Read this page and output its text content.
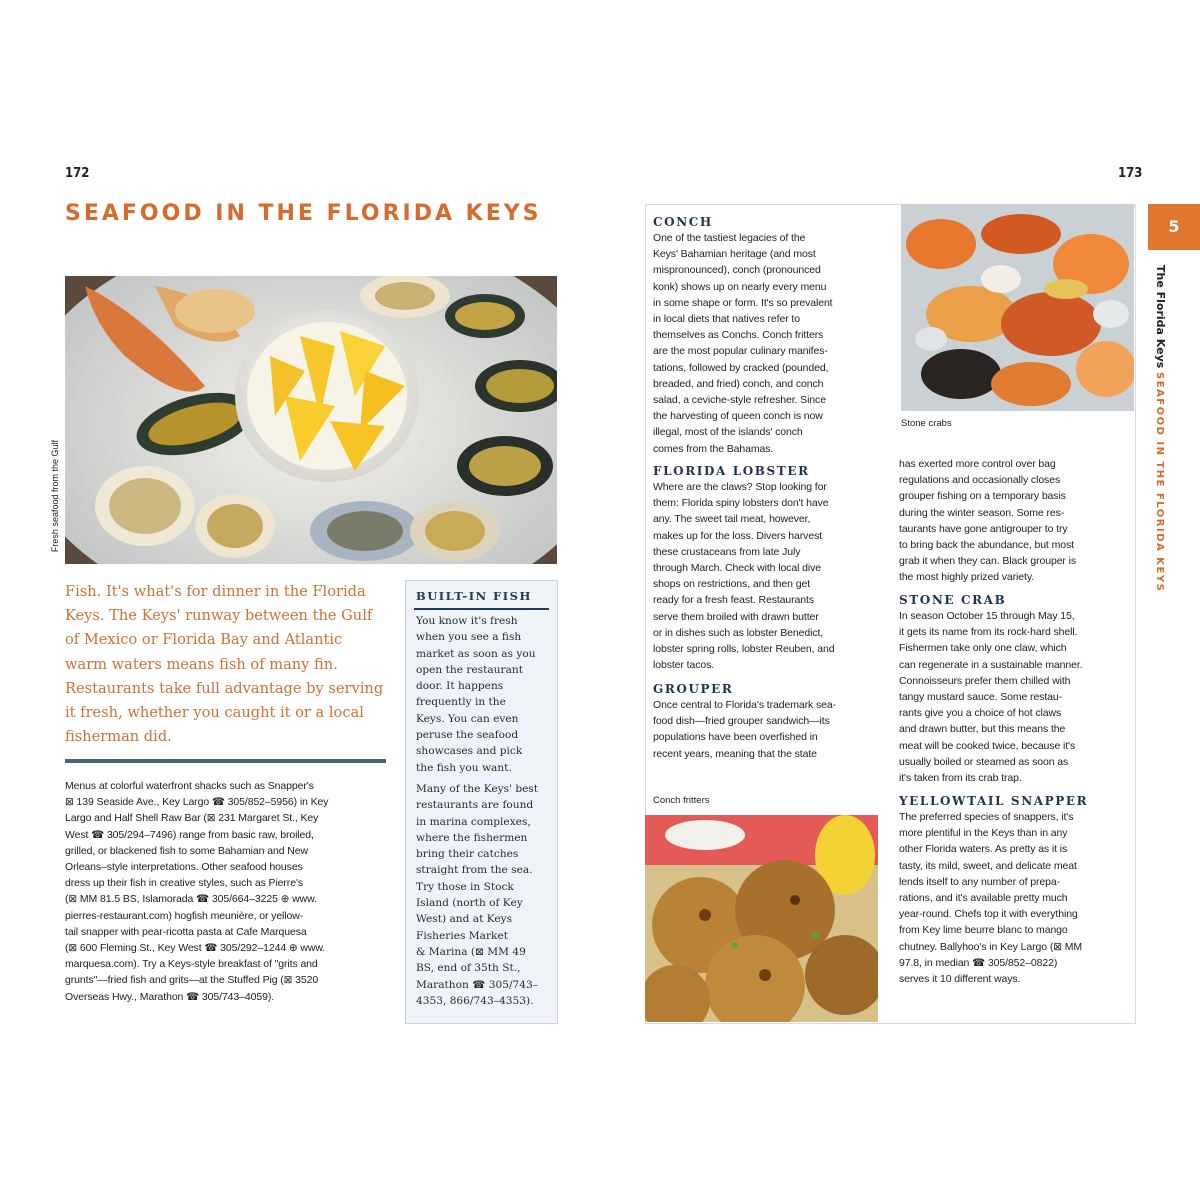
172
SEAFOOD IN THE FLORIDA KEYS
Fresh seafood from the Gulf
Fish. It's what's for dinner in the Florida
Keys. The Keys' runway between the Gulf
of Mexico or Florida Bay and Atlantic
warm waters means fish of many fin.
Restaurants take full advantage by serving
it fresh, whether you caught it or a local
fisherman did.
Menus at colorful waterfront shacks such as Snapper's
⊠ 139 Seaside Ave., Key Largo ☎ 305/852–5956) in Key
Largo and Half Shell Raw Bar (⊠ 231 Margaret St., Key
West ☎ 305/294–7496) range from basic raw, broiled,
grilled, or blackened fish to some Bahamian and New
Orleans–style interpretations. Other seafood houses
dress up their fish in creative styles, such as Pierre's
(⊠ MM 81.5 BS, Islamorada ☎ 305/664–3225 ⊕ www.
pierres-restaurant.com) hogfish meunière, or yellow-
tail snapper with pear-ricotta pasta at Cafe Marquesa
(⊠ 600 Fleming St., Key West ☎ 305/292–1244 ⊕ www.
marquesa.com). Try a Keys-style breakfast of "grits and
grunts"—fried fish and grits—at the Stuffed Pig (⊠ 3520
Overseas Hwy., Marathon ☎ 305/743–4059).
BUILT-IN FISH
You know it's fresh
when you see a fish
market as soon as you
open the restaurant
door. It happens
frequently in the
Keys. You can even
peruse the seafood
showcases and pick
the fish you want.
Many of the Keys' best
restaurants are found
in marina complexes,
where the fishermen
bring their catches
straight from the sea.
Try those in Stock
Island (north of Key
West) and at Keys
Fisheries Market
& Marina (⊠ MM 49
BS, end of 35th St.,
Marathon ☎ 305/743–
4353, 866/743–4353).
173
5
The Florida Keys
SEAFOOD IN THE FLORIDA KEYS
Stone crabs
CONCH
One of the tastiest legacies of the
Keys' Bahamian heritage (and most
mispronounced), conch (pronounced
konk) shows up on nearly every menu
in some shape or form. It's so prevalent
in local diets that natives refer to
themselves as Conchs. Conch fritters
are the most popular culinary manifes-
tations, followed by cracked (pounded,
breaded, and fried) conch, and conch
salad, a ceviche-style refresher. Since
the harvesting of queen conch is now
illegal, most of the islands' conch
comes from the Bahamas.
FLORIDA LOBSTER
Where are the claws? Stop looking for
them: Florida spiny lobsters don't have
any. The sweet tail meat, however,
makes up for the loss. Divers harvest
these crustaceans from late July
through March. Check with local dive
shops on restrictions, and then get
ready for a fresh feast. Restaurants
serve them broiled with drawn butter
or in dishes such as lobster Benedict,
lobster spring rolls, lobster Reuben, and
lobster tacos.
GROUPER
Once central to Florida's trademark sea-
food dish—fried grouper sandwich—its
populations have been overfished in
recent years, meaning that the state
Conch fritters
has exerted more control over bag
regulations and occasionally closes
grouper fishing on a temporary basis
during the winter season. Some res-
taurants have gone antigrouper to try
to bring back the abundance, but most
grab it when they can. Black grouper is
the most highly prized variety.
STONE CRAB
In season October 15 through May 15,
it gets its name from its rock-hard shell.
Fishermen take only one claw, which
can regenerate in a sustainable manner.
Connoisseurs prefer them chilled with
tangy mustard sauce. Some restau-
rants give you a choice of hot claws
and drawn butter, but this means the
meat will be cooked twice, because it's
usually boiled or steamed as soon as
it's taken from its crab trap.
YELLOWTAIL SNAPPER
The preferred species of snappers, it's
more plentiful in the Keys than in any
other Florida waters. As pretty as it is
tasty, its mild, sweet, and delicate meat
lends itself to any number of prepa-
rations, and it's available pretty much
year-round. Chefs top it with everything
from Key lime beurre blanc to mango
chutney. Ballyhoo's in Key Largo (⊠ MM
97.8, in median ☎ 305/852–0822)
serves it 10 different ways.
